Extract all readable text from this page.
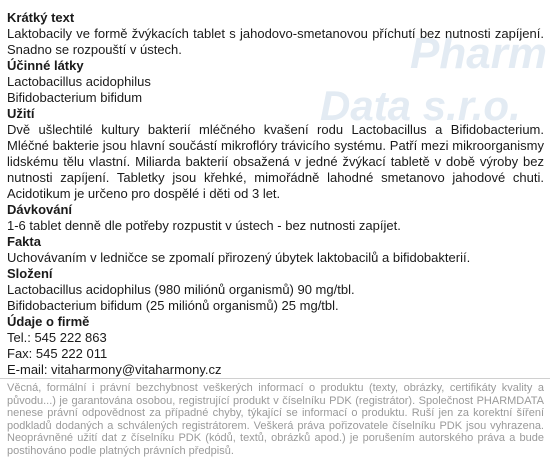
Pharm
Data s.r.o.
Krátký text
Laktobacily ve formě žvýkacích tablet s jahodovo-smetanovou příchutí bez nutnosti zapíjení. Snadno se rozpouští v ústech.
Účinné látky
Lactobacillus acidophilus
Bifidobacterium bifidum
Užití
Dvě ušlechtilé kultury bakterií mléčného kvašení rodu Lactobacillus a Bifidobacterium. Mléčné bakterie jsou hlavní součástí mikroflóry trávicího systému. Patří mezi mikroorganismy lidskému tělu vlastní. Miliarda bakterií obsažená v jedné žvýkací tabletě v době výroby bez nutnosti zapíjení. Tabletky jsou křehké, mimořádně lahodné smetanovo jahodové chuti. Acidotikum je určeno pro dospělé i děti od 3 let.
Dávkování
1-6 tablet denně dle potřeby rozpustit v ústech - bez nutnosti zapíjet.
Fakta
Uchovávaním v ledničce se zpomalí přirozený úbytek laktobacilů a bifidobakterií.
Složení
Lactobacillus acidophilus (980 miliónů organismů) 90 mg/tbl.
Bifidobacterium bifidum (25 miliónů organismů) 25 mg/tbl.
Údaje o firmě
Tel.: 545 222 863
Fax: 545 222 011
E-mail: vitaharmony@vitaharmony.cz
Věcná, formální i právní bezchybnost veškerých informací o produktu (texty, obrázky, certifikáty kvality a původu...) je garantována osobou, registrující produkt v číselníku PDK (registrátor). Společnost PHARMDATA nenese právní odpovědnost za případné chyby, týkající se informací o produktu. Ruší jen za korektní šíření podkladů dodaných a schválených registrátorem. Veškerá práva pořizovatele číselníku PDK jsou vyhrazena. Neoprávněné užití dat z číselníku PDK (kódů, textů, obrázků apod.) je porušením autorského práva a bude postihováno podle platných právních předpisů.
